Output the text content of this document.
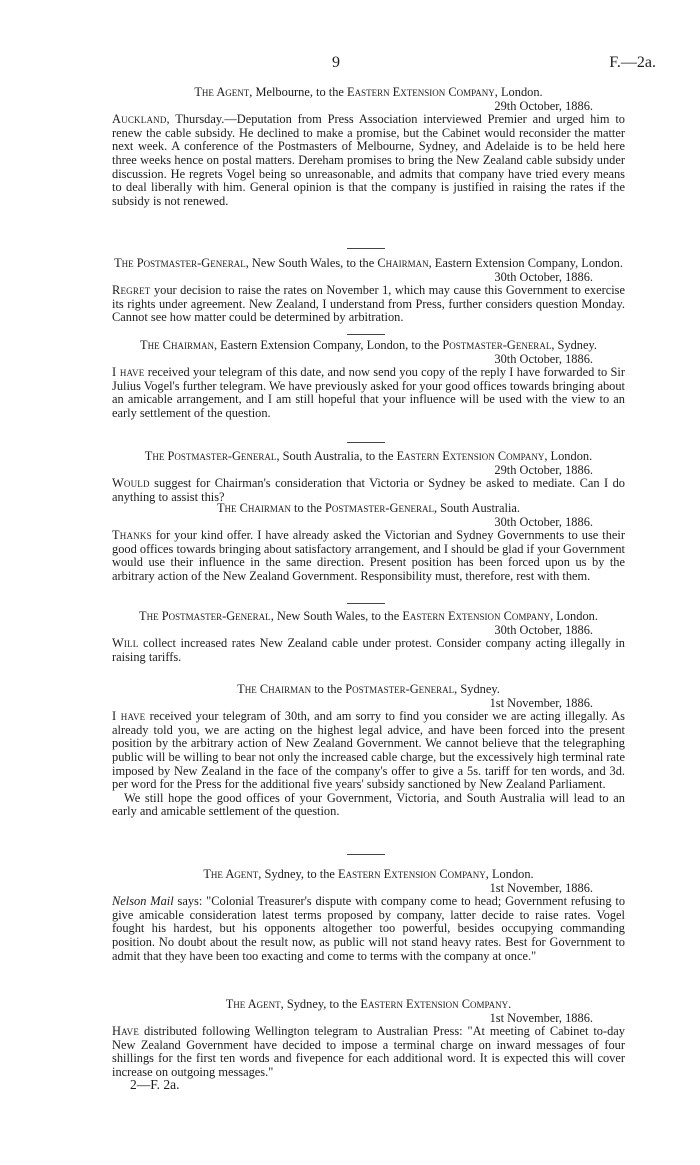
9	F.—2a.

The Agent, Melbourne, to the Eastern Extension Company, London.

29th October, 1886.

Auckland, Thursday.—Deputation from Press Association interviewed Premier and urged him to renew the cable subsidy. He declined to make a promise, but the Cabinet would reconsider the matter next week. A conference of the Postmasters of Melbourne, Sydney, and Adelaide is to be held here three weeks hence on postal matters. Dereham promises to bring the New Zealand cable subsidy under discussion. He regrets Vogel being so unreasonable, and admits that company have tried every means to deal liberally with him. General opinion is that the company is justified in raising the rates if the subsidy is not renewed.

The Postmaster-General, New South Wales, to the Chairman, Eastern Extension Company, London.

30th October, 1886.

Regret your decision to raise the rates on November 1, which may cause this Government to exercise its rights under agreement. New Zealand, I understand from Press, further considers question Monday. Cannot see how matter could be determined by arbitration.

The Chairman, Eastern Extension Company, London, to the Postmaster-General, Sydney.

30th October, 1886.

I have received your telegram of this date, and now send you copy of the reply I have forwarded to Sir Julius Vogel's further telegram. We have previously asked for your good offices towards bringing about an amicable arrangement, and I am still hopeful that your influence will be used with the view to an early settlement of the question.

The Postmaster-General, South Australia, to the Eastern Extension Company, London.

29th October, 1886.

Would suggest for Chairman's consideration that Victoria or Sydney be asked to mediate. Can I do anything to assist this?

The Chairman to the Postmaster-General, South Australia.

30th October, 1886.

Thanks for your kind offer. I have already asked the Victorian and Sydney Governments to use their good offices towards bringing about satisfactory arrangement, and I should be glad if your Government would use their influence in the same direction. Present position has been forced upon us by the arbitrary action of the New Zealand Government. Responsibility must, therefore, rest with them.

The Postmaster-General, New South Wales, to the Eastern Extension Company, London.

30th October, 1886.

Will collect increased rates New Zealand cable under protest. Consider company acting illegally in raising tariffs.

The Chairman to the Postmaster-General, Sydney.

1st November, 1886.

I have received your telegram of 30th, and am sorry to find you consider we are acting illegally. As already told you, we are acting on the highest legal advice, and have been forced into the present position by the arbitrary action of New Zealand Government. We cannot believe that the telegraphing public will be willing to bear not only the increased cable charge, but the excessively high terminal rate imposed by New Zealand in the face of the company's offer to give a 5s. tariff for ten words, and 3d. per word for the Press for the additional five years' subsidy sanctioned by New Zealand Parliament.

We still hope the good offices of your Government, Victoria, and South Australia will lead to an early and amicable settlement of the question.

The Agent, Sydney, to the Eastern Extension Company, London.

1st November, 1886.

Nelson Mail says: "Colonial Treasurer's dispute with company come to head; Government refusing to give amicable consideration latest terms proposed by company, latter decide to raise rates. Vogel fought his hardest, but his opponents altogether too powerful, besides occupying commanding position. No doubt about the result now, as public will not stand heavy rates. Best for Government to admit that they have been too exacting and come to terms with the company at once."

The Agent, Sydney, to the Eastern Extension Company.

1st November, 1886.

Have distributed following Wellington telegram to Australian Press: "At meeting of Cabinet to-day New Zealand Government have decided to impose a terminal charge on inward messages of four shillings for the first ten words and fivepence for each additional word. It is expected this will cover increase on outgoing messages."

2—F. 2a.
